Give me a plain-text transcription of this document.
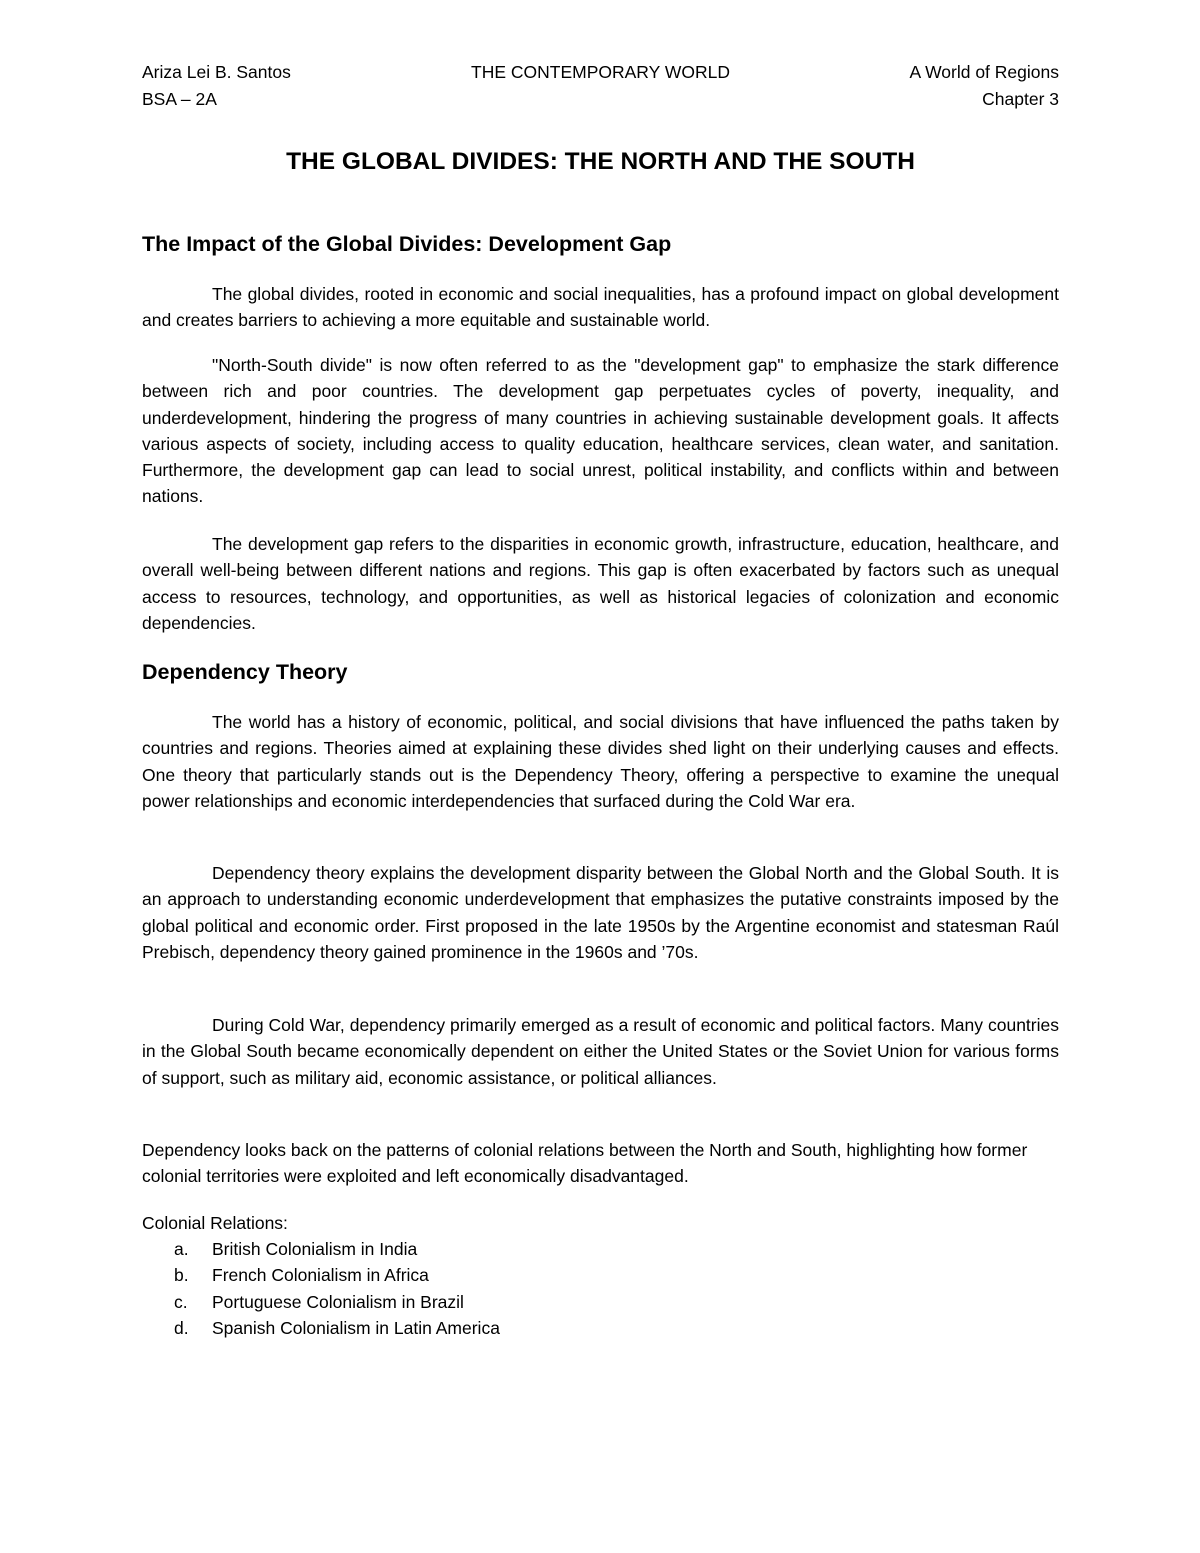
Ariza Lei B. Santos	THE CONTEMPORARY WORLD	A World of Regions
BSA – 2A	Chapter 3
THE GLOBAL DIVIDES: THE NORTH AND THE SOUTH
The Impact of the Global Divides: Development Gap

The global divides, rooted in economic and social inequalities, has a profound impact on global development and creates barriers to achieving a more equitable and sustainable world.

"North-South divide" is now often referred to as the "development gap" to emphasize the stark difference between rich and poor countries. The development gap perpetuates cycles of poverty, inequality, and underdevelopment, hindering the progress of many countries in achieving sustainable development goals. It affects various aspects of society, including access to quality education, healthcare services, clean water, and sanitation. Furthermore, the development gap can lead to social unrest, political instability, and conflicts within and between nations.

The development gap refers to the disparities in economic growth, infrastructure, education, healthcare, and overall well-being between different nations and regions. This gap is often exacerbated by factors such as unequal access to resources, technology, and opportunities, as well as historical legacies of colonization and economic dependencies.

Dependency Theory

The world has a history of economic, political, and social divisions that have influenced the paths taken by countries and regions. Theories aimed at explaining these divides shed light on their underlying causes and effects. One theory that particularly stands out is the Dependency Theory, offering a perspective to examine the unequal power relationships and economic interdependencies that surfaced during the Cold War era.

Dependency theory explains the development disparity between the Global North and the Global South. It is an approach to understanding economic underdevelopment that emphasizes the putative constraints imposed by the global political and economic order. First proposed in the late 1950s by the Argentine economist and statesman Raúl Prebisch, dependency theory gained prominence in the 1960s and ’70s.

During Cold War, dependency primarily emerged as a result of economic and political factors. Many countries in the Global South became economically dependent on either the United States or the Soviet Union for various forms of support, such as military aid, economic assistance, or political alliances.

Dependency looks back on the patterns of colonial relations between the North and South, highlighting how former colonial territories were exploited and left economically disadvantaged.

Colonial Relations:

a. British Colonialism in India
b. French Colonialism in Africa
c. Portuguese Colonialism in Brazil
d. Spanish Colonialism in Latin America
